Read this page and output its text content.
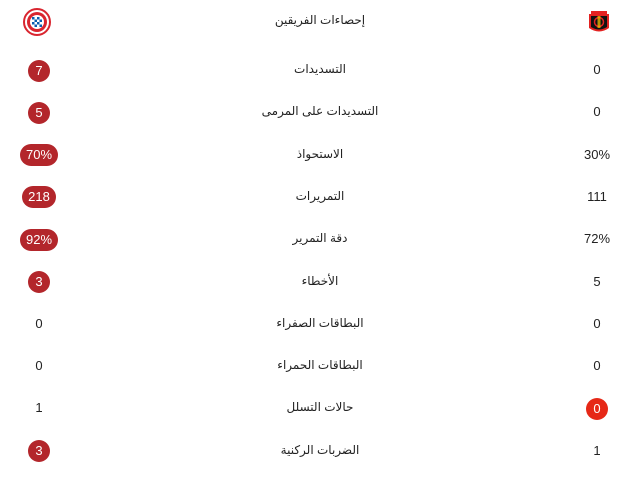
إحصاءات الفريقين
7	التسديدات	0
5	التسديدات على المرمى	0
70%	الاستحواذ	30%
218	التمريرات	111
92%	دقة التمرير	72%
3	الأخطاء	5
0	البطاقات الصفراء	0
0	البطاقات الحمراء	0
1	حالات التسلل	0
3	الضربات الركنية	1
